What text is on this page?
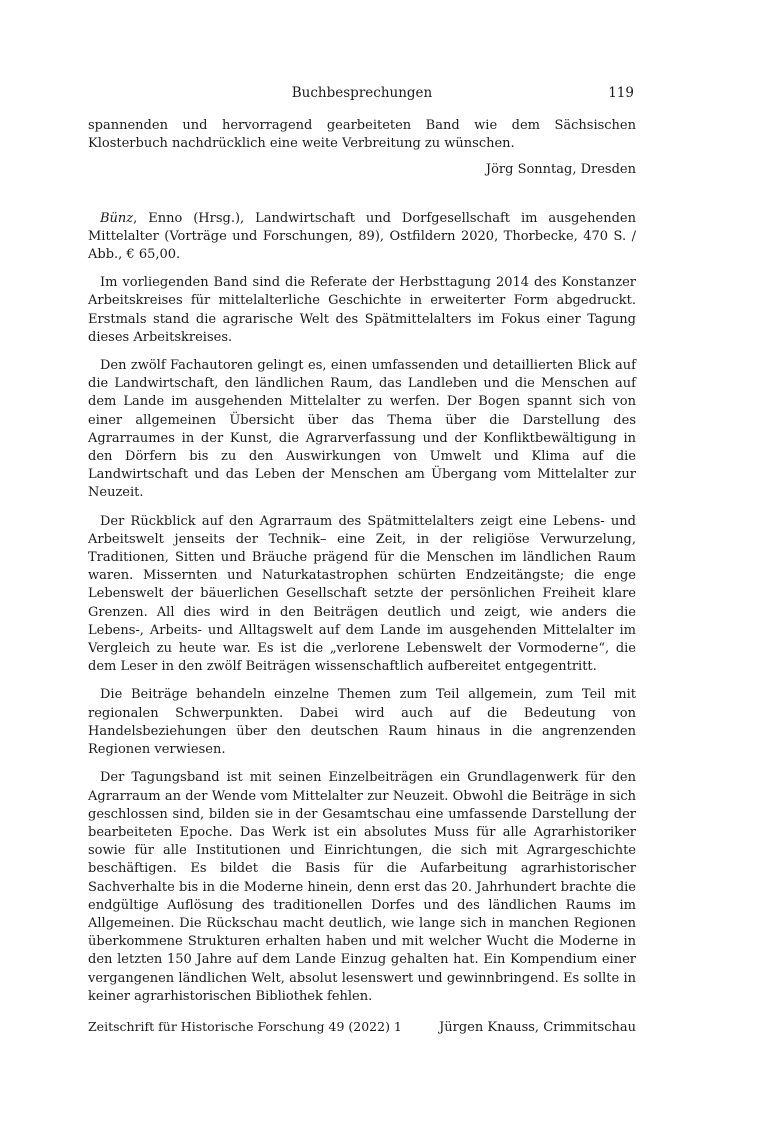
Buchbesprechungen	119

spannenden und hervorragend gearbeiteten Band wie dem Sächsischen Klosterbuch nachdrücklich eine weite Verbreitung zu wünschen.

Jörg Sonntag, Dresden

Bünz, Enno (Hrsg.), Landwirtschaft und Dorfgesellschaft im ausgehenden Mittelalter (Vorträge und Forschungen, 89), Ostfildern 2020, Thorbecke, 470 S. / Abb., € 65,00.

Im vorliegenden Band sind die Referate der Herbsttagung 2014 des Konstanzer Arbeitskreises für mittelalterliche Geschichte in erweiterter Form abgedruckt. Erstmals stand die agrarische Welt des Spätmittelalters im Fokus einer Tagung dieses Arbeitskreises.

Den zwölf Fachautoren gelingt es, einen umfassenden und detaillierten Blick auf die Landwirtschaft, den ländlichen Raum, das Landleben und die Menschen auf dem Lande im ausgehenden Mittelalter zu werfen. Der Bogen spannt sich von einer allgemeinen Übersicht über das Thema über die Darstellung des Agrarraumes in der Kunst, die Agrarverfassung und der Konfliktbewältigung in den Dörfern bis zu den Auswirkungen von Umwelt und Klima auf die Landwirtschaft und das Leben der Menschen am Übergang vom Mittelalter zur Neuzeit.

Der Rückblick auf den Agrarraum des Spätmittelalters zeigt eine Lebens- und Arbeitswelt jenseits der Technik– eine Zeit, in der religiöse Verwurzelung, Traditionen, Sitten und Bräuche prägend für die Menschen im ländlichen Raum waren. Missernten und Naturkatastrophen schürten Endzeitängste; die enge Lebenswelt der bäuerlichen Gesellschaft setzte der persönlichen Freiheit klare Grenzen. All dies wird in den Beiträgen deutlich und zeigt, wie anders die Lebens-, Arbeits- und Alltagswelt auf dem Lande im ausgehenden Mittelalter im Vergleich zu heute war. Es ist die „verlorene Lebenswelt der Vormoderne“, die dem Leser in den zwölf Beiträgen wissenschaftlich aufbereitet entgegentritt.

Die Beiträge behandeln einzelne Themen zum Teil allgemein, zum Teil mit regionalen Schwerpunkten. Dabei wird auch auf die Bedeutung von Handelsbeziehungen über den deutschen Raum hinaus in die angrenzenden Regionen verwiesen.

Der Tagungsband ist mit seinen Einzelbeiträgen ein Grundlagenwerk für den Agrarraum an der Wende vom Mittelalter zur Neuzeit. Obwohl die Beiträge in sich geschlossen sind, bilden sie in der Gesamtschau eine umfassende Darstellung der bearbeiteten Epoche. Das Werk ist ein absolutes Muss für alle Agrarhistoriker sowie für alle Institutionen und Einrichtungen, die sich mit Agrargeschichte beschäftigen. Es bildet die Basis für die Aufarbeitung agrarhistorischer Sachverhalte bis in die Moderne hinein, denn erst das 20. Jahrhundert brachte die endgültige Auflösung des traditionellen Dorfes und des ländlichen Raums im Allgemeinen. Die Rückschau macht deutlich, wie lange sich in manchen Regionen überkommene Strukturen erhalten haben und mit welcher Wucht die Moderne in den letzten 150 Jahre auf dem Lande Einzug gehalten hat. Ein Kompendium einer vergangenen ländlichen Welt, absolut lesenswert und gewinnbringend. Es sollte in keiner agrarhistorischen Bibliothek fehlen.

Jürgen Knauss, Crimmitschau

Zeitschrift für Historische Forschung 49 (2022) 1
